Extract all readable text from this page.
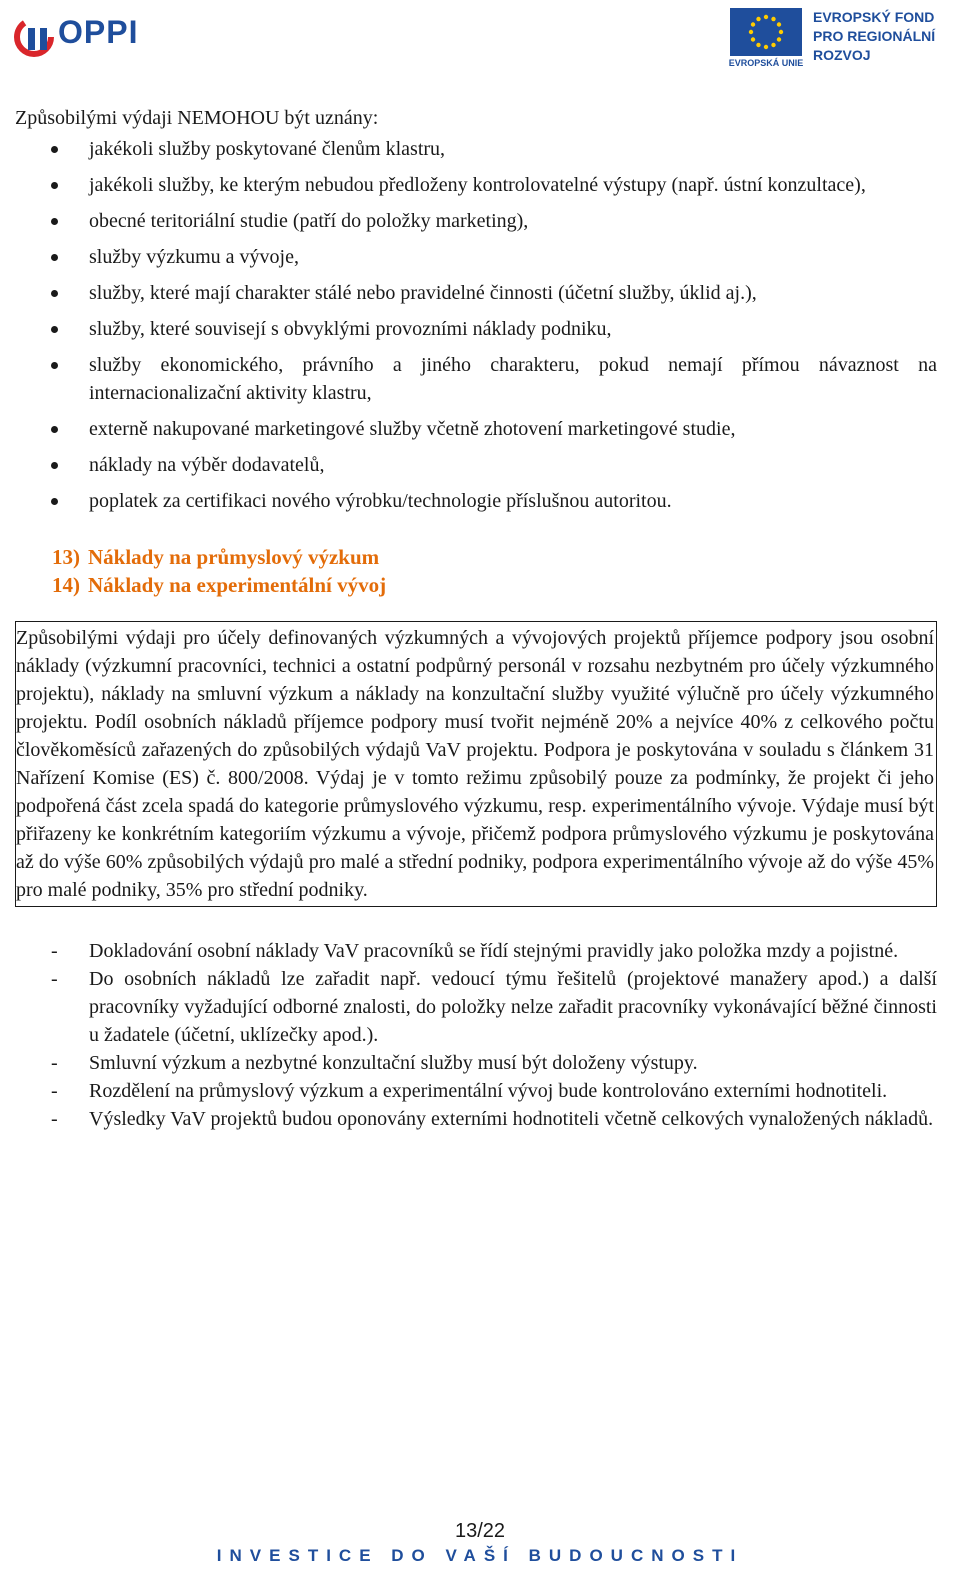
OPPI
EVROPSKÁ UNIE
EVROPSKÝ FOND
PRO REGIONÁLNÍ
ROZVOJ

Způsobilými výdaji NEMOHOU být uznány:

jakékoli služby poskytované členům klastru,
jakékoli služby, ke kterým nebudou předloženy kontrolovatelné výstupy (např. ústní konzultace),
obecné teritoriální studie (patří do položky marketing),
služby výzkumu a vývoje,
služby, které mají charakter stálé nebo pravidelné činnosti (účetní služby, úklid aj.),
služby, které souvisejí s obvyklými provozními náklady podniku,
služby ekonomického, právního a jiného charakteru, pokud nemají přímou návaznost na internacionalizační aktivity klastru,
externě nakupované marketingové služby včetně zhotovení marketingové studie,
náklady na výběr dodavatelů,
poplatek za certifikaci nového výrobku/technologie příslušnou autoritou.
13) Náklady na průmyslový výzkum
14) Náklady na experimentální vývoj
Způsobilými výdaji pro účely definovaných výzkumných a vývojových projektů příjemce podpory jsou osobní náklady (výzkumní pracovníci, technici a ostatní podpůrný personál v rozsahu nezbytném pro účely výzkumného projektu), náklady na smluvní výzkum a náklady na konzultační služby využité výlučně pro účely výzkumného projektu. Podíl osobních nákladů příjemce podpory musí tvořit nejméně 20% a nejvíce 40% z celkového počtu člověkoměsíců zařazených do způsobilých výdajů VaV projektu. Podpora je poskytována v souladu s článkem 31 Nařízení Komise (ES) č. 800/2008. Výdaj je v tomto režimu způsobilý pouze za podmínky, že projekt či jeho podpořená část zcela spadá do kategorie průmyslového výzkumu, resp. experimentálního vývoje. Výdaje musí být přiřazeny ke konkrétním kategoriím výzkumu a vývoje, přičemž podpora průmyslového výzkumu je poskytována až do výše 60% způsobilých výdajů pro malé a střední podniky, podpora experimentálního vývoje až do výše 45% pro malé podniky, 35% pro střední podniky.
- Dokladování osobní náklady VaV pracovníků se řídí stejnými pravidly jako položka mzdy a pojistné.
- Do osobních nákladů lze zařadit např. vedoucí týmu řešitelů (projektové manažery apod.) a další pracovníky vyžadující odborné znalosti, do položky nelze zařadit pracovníky vykonávající běžné činnosti u žadatele (účetní, uklízečky apod.).
- Smluvní výzkum a nezbytné konzultační služby musí být doloženy výstupy.
- Rozdělení na průmyslový výzkum a experimentální vývoj bude kontrolováno externími hodnotiteli.
- Výsledky VaV projektů budou oponovány externími hodnotiteli včetně celkových vynaložených nákladů.
13/22
INVESTICE DO VAŠÍ BUDOUCNOSTI
